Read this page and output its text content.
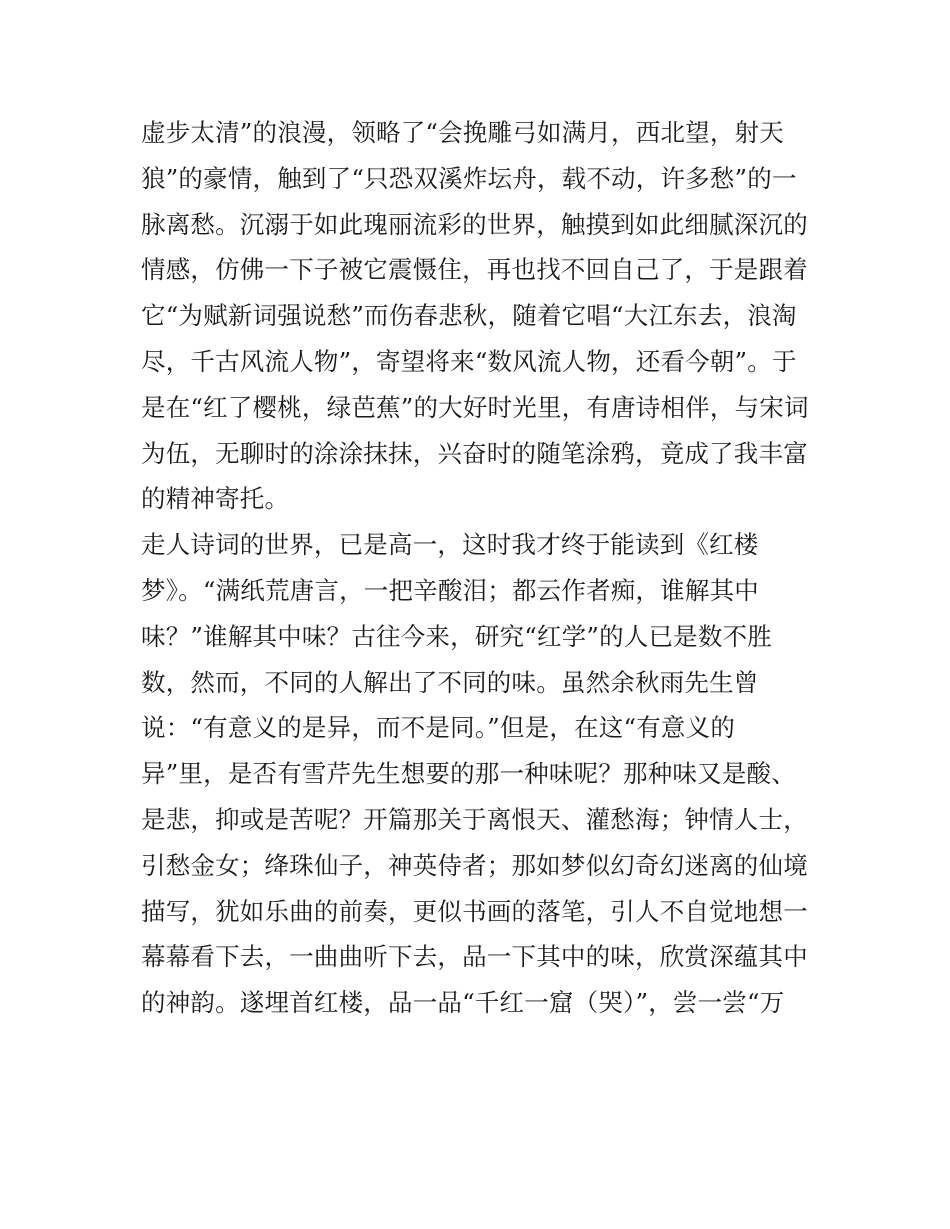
虚步太清”的浪漫，领略了“会挽雕弓如满月，西北望，射天
狼”的豪情，触到了“只恐双溪炸坛舟，载不动，许多愁”的一
脉离愁。沉溺于如此瑰丽流彩的世界，触摸到如此细腻深沉的
情感，仿佛一下子被它震慑住，再也找不回自己了，于是跟着
它“为赋新词强说愁”而伤春悲秋，随着它唱“大江东去，浪淘
尽，千古风流人物”，寄望将来“数风流人物，还看今朝”。于
是在“红了樱桃，绿芭蕉”的大好时光里，有唐诗相伴，与宋词
为伍，无聊时的涂涂抹抹，兴奋时的随笔涂鸦，竟成了我丰富
的精神寄托。
走人诗词的世界，已是高一，这时我才终于能读到《红楼
梦》。“满纸荒唐言，一把辛酸泪；都云作者痴，谁解其中
味？”谁解其中味？古往今来，研究“红学”的人已是数不胜
数，然而，不同的人解出了不同的味。虽然余秋雨先生曾
说：“有意义的是异，而不是同。”但是，在这“有意义的
异”里，是否有雪芹先生想要的那一种味呢？那种味又是酸、
是悲，抑或是苦呢？开篇那关于离恨天、灌愁海；钟情人士，
引愁金女；绛珠仙子，神英侍者；那如梦似幻奇幻迷离的仙境
描写，犹如乐曲的前奏，更似书画的落笔，引人不自觉地想一
幕幕看下去，一曲曲听下去，品一下其中的味，欣赏深蕴其中
的神韵。遂埋首红楼，品一品“千红一窟（哭）”，尝一尝“万
